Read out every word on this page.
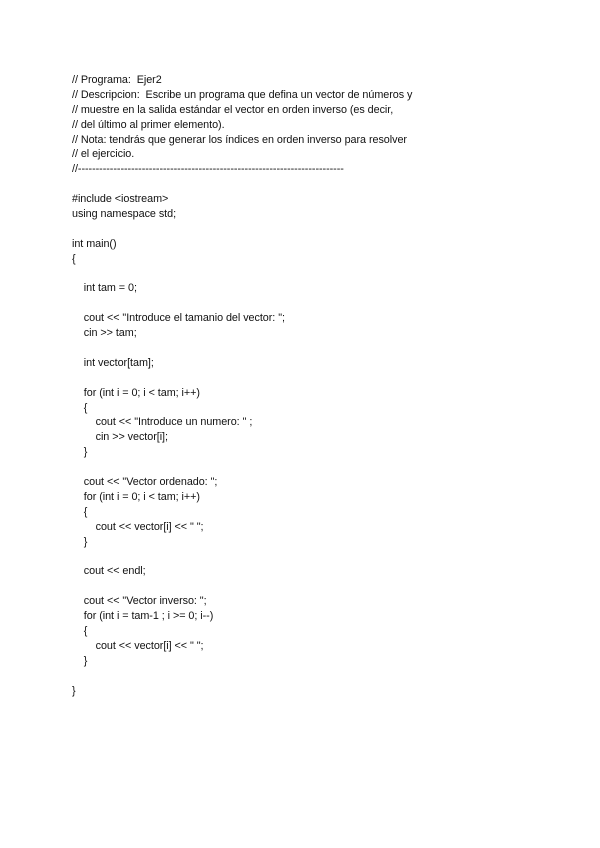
// Programa:  Ejer2
// Descripcion:  Escribe un programa que defina un vector de números y
// muestre en la salida estándar el vector en orden inverso (es decir,
// del último al primer elemento).
// Nota: tendrás que generar los índices en orden inverso para resolver
// el ejercicio.
//---------------------------------------------------------------------------
#include <iostream>
using namespace std;
int main()
{
int tam = 0;
cout << "Introduce el tamanio del vector: ";
cin >> tam;
int vector[tam];
for (int i = 0; i < tam; i++)
{
cout << "Introduce un numero: " ;
cin >> vector[i];
}
cout << "Vector ordenado: ";
for (int i = 0; i < tam; i++)
{
cout << vector[i] << " ";
}
cout << endl;
cout << "Vector inverso: ";
for (int i = tam-1 ; i >= 0; i--)
{
cout << vector[i] << " ";
}
}
